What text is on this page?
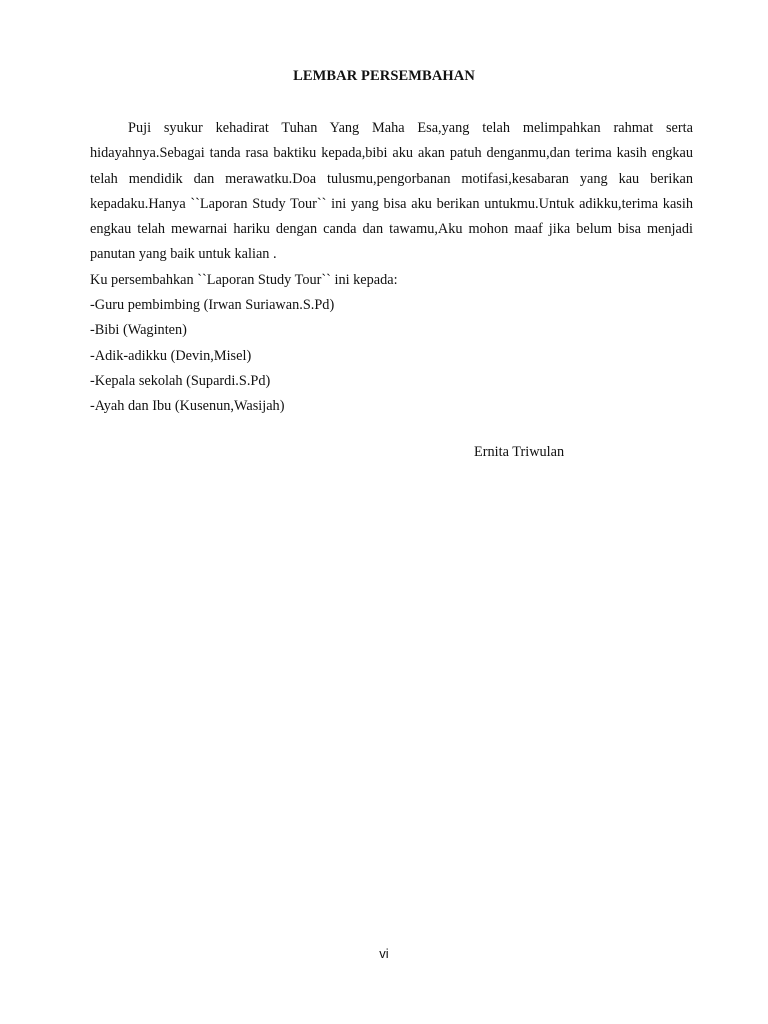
LEMBAR PERSEMBAHAN

Puji syukur kehadirat Tuhan Yang Maha Esa,yang telah melimpahkan rahmat serta hidayahnya.Sebagai tanda rasa baktiku kepada,bibi aku akan patuh denganmu,dan terima kasih engkau telah mendidik dan merawatku.Doa tulusmu,pengorbanan motifasi,kesabaran yang kau berikan kepadaku.Hanya ``Laporan Study Tour`` ini yang bisa aku berikan untukmu.Untuk adikku,terima kasih engkau telah mewarnai hariku dengan canda dan tawamu,Aku mohon maaf jika belum bisa menjadi panutan yang baik untuk kalian .

Ku persembahkan ``Laporan Study Tour`` ini kepada:

-Guru pembimbing (Irwan Suriawan.S.Pd)

-Bibi (Waginten)

-Adik-adikku (Devin,Misel)

-Kepala sekolah (Supardi.S.Pd)

-Ayah dan Ibu (Kusenun,Wasijah)

Ernita Triwulan
vi
